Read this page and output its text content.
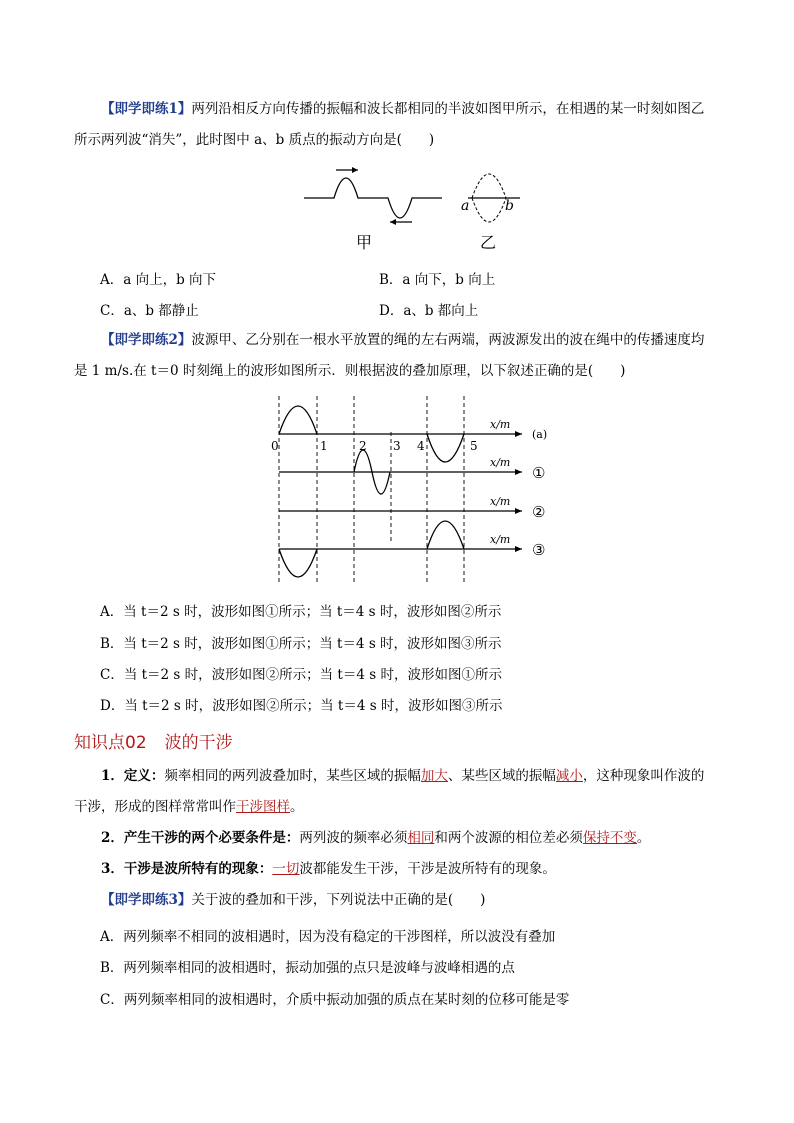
【即学即练1】两列沿相反方向传播的振幅和波长都相同的半波如图甲所示，在相遇的某一时刻如图乙
所示两列波“消失”，此时图中 a、b 质点的振动方向是(　　)
甲
a	b
乙
A．a 向上，b 向下	B．a 向下，b 向上
C．a、b 都静止	D．a、b 都向上
【即学即练2】波源甲、乙分别在一根水平放置的绳的左右两端，两波源发出的波在绳中的传播速度均
是 1 m/s.在 t＝0 时刻绳上的波形如图所示．则根据波的叠加原理，以下叙述正确的是(　　)
x/m
(a)
0	1	2 3 4	5
x/m
①
x/m
②
x/m
③
A．当 t＝2 s 时，波形如图①所示；当 t＝4 s 时，波形如图②所示
B．当 t＝2 s 时，波形如图①所示；当 t＝4 s 时，波形如图③所示
C．当 t＝2 s 时，波形如图②所示；当 t＝4 s 时，波形如图①所示
D．当 t＝2 s 时，波形如图②所示；当 t＝4 s 时，波形如图③所示
知识点02 波的干涉
1．定义：频率相同的两列波叠加时，某些区域的振幅加大、某些区域的振幅减小，这种现象叫作波的
干涉，形成的图样常常叫作干涉图样。
2．产生干涉的两个必要条件是：两列波的频率必须相同和两个波源的相位差必须保持不变。
3．干涉是波所特有的现象：一切波都能发生干涉，干涉是波所特有的现象。
【即学即练3】关于波的叠加和干涉，下列说法中正确的是(　　)
A．两列频率不相同的波相遇时，因为没有稳定的干涉图样，所以波没有叠加
B．两列频率相同的波相遇时，振动加强的点只是波峰与波峰相遇的点
C．两列频率相同的波相遇时，介质中振动加强的质点在某时刻的位移可能是零
